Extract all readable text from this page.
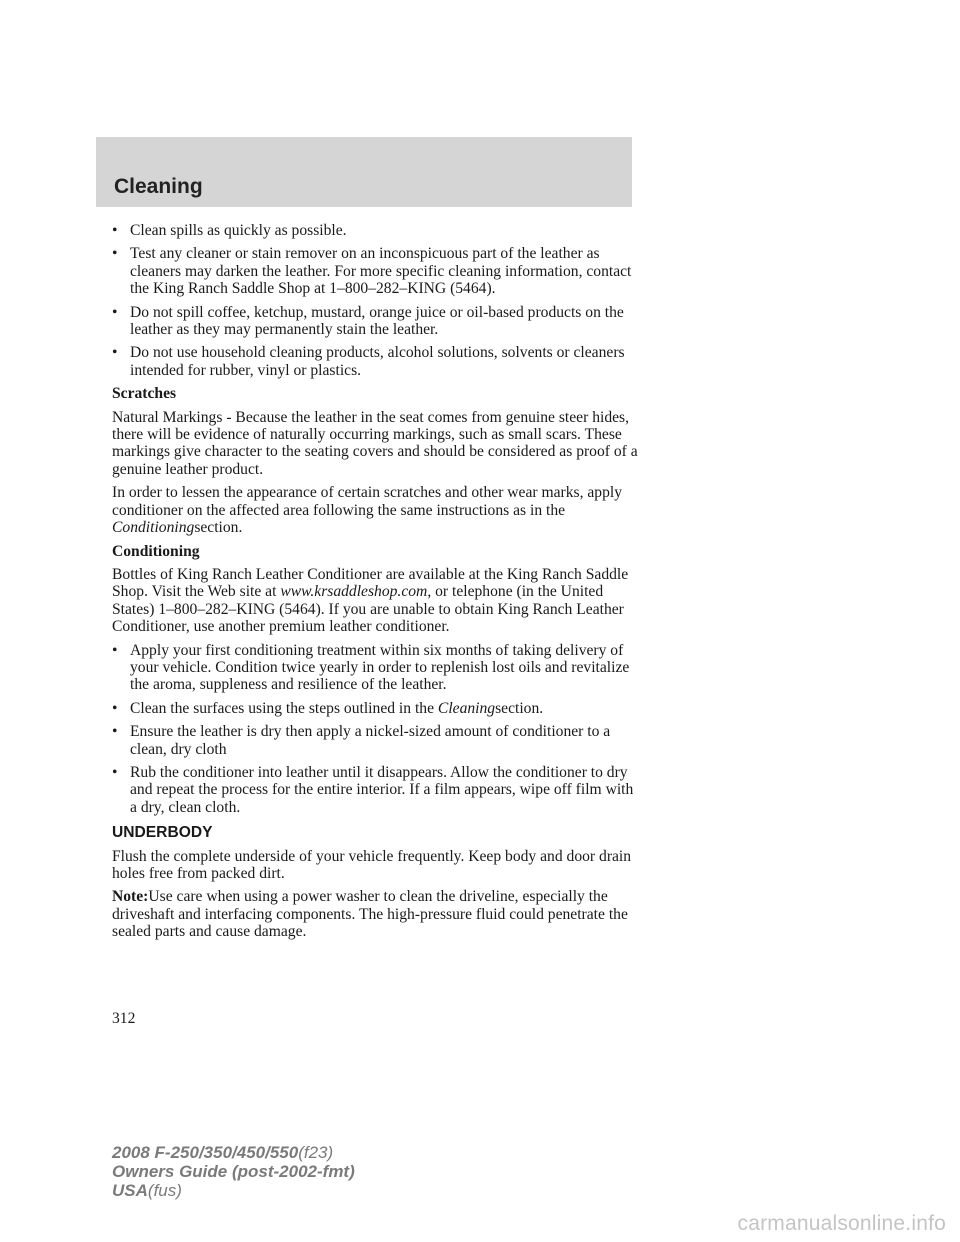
Cleaning
• Clean spills as quickly as possible.
• Test any cleaner or stain remover on an inconspicuous part of the leather as cleaners may darken the leather. For more specific cleaning information, contact the King Ranch Saddle Shop at 1–800–282–KING (5464).
• Do not spill coffee, ketchup, mustard, orange juice or oil-based products on the leather as they may permanently stain the leather.
• Do not use household cleaning products, alcohol solutions, solvents or cleaners intended for rubber, vinyl or plastics.
Scratches

Natural Markings - Because the leather in the seat comes from genuine steer hides, there will be evidence of naturally occurring markings, such as small scars. These markings give character to the seating covers and should be considered as proof of a genuine leather product.

In order to lessen the appearance of certain scratches and other wear marks, apply conditioner on the affected area following the same instructions as in the Conditioningsection.

Conditioning

Bottles of King Ranch Leather Conditioner are available at the King Ranch Saddle Shop. Visit the Web site at www.krsaddleshop.com, or telephone (in the United States) 1–800–282–KING (5464). If you are unable to obtain King Ranch Leather Conditioner, use another premium leather conditioner.

• Apply your first conditioning treatment within six months of taking delivery of your vehicle. Condition twice yearly in order to replenish lost oils and revitalize the aroma, suppleness and resilience of the leather.
• Clean the surfaces using the steps outlined in the Cleaningsection.
• Ensure the leather is dry then apply a nickel-sized amount of conditioner to a clean, dry cloth
• Rub the conditioner into leather until it disappears. Allow the conditioner to dry and repeat the process for the entire interior. If a film appears, wipe off film with a dry, clean cloth.
UNDERBODY

Flush the complete underside of your vehicle frequently. Keep body and door drain holes free from packed dirt.

Note:Use care when using a power washer to clean the driveline, especially the driveshaft and interfacing components. The high-pressure fluid could penetrate the sealed parts and cause damage.

312
2008 F-250/350/450/550(f23)
Owners Guide (post-2002-fmt)
USA(fus)
carmanualsonline.info
